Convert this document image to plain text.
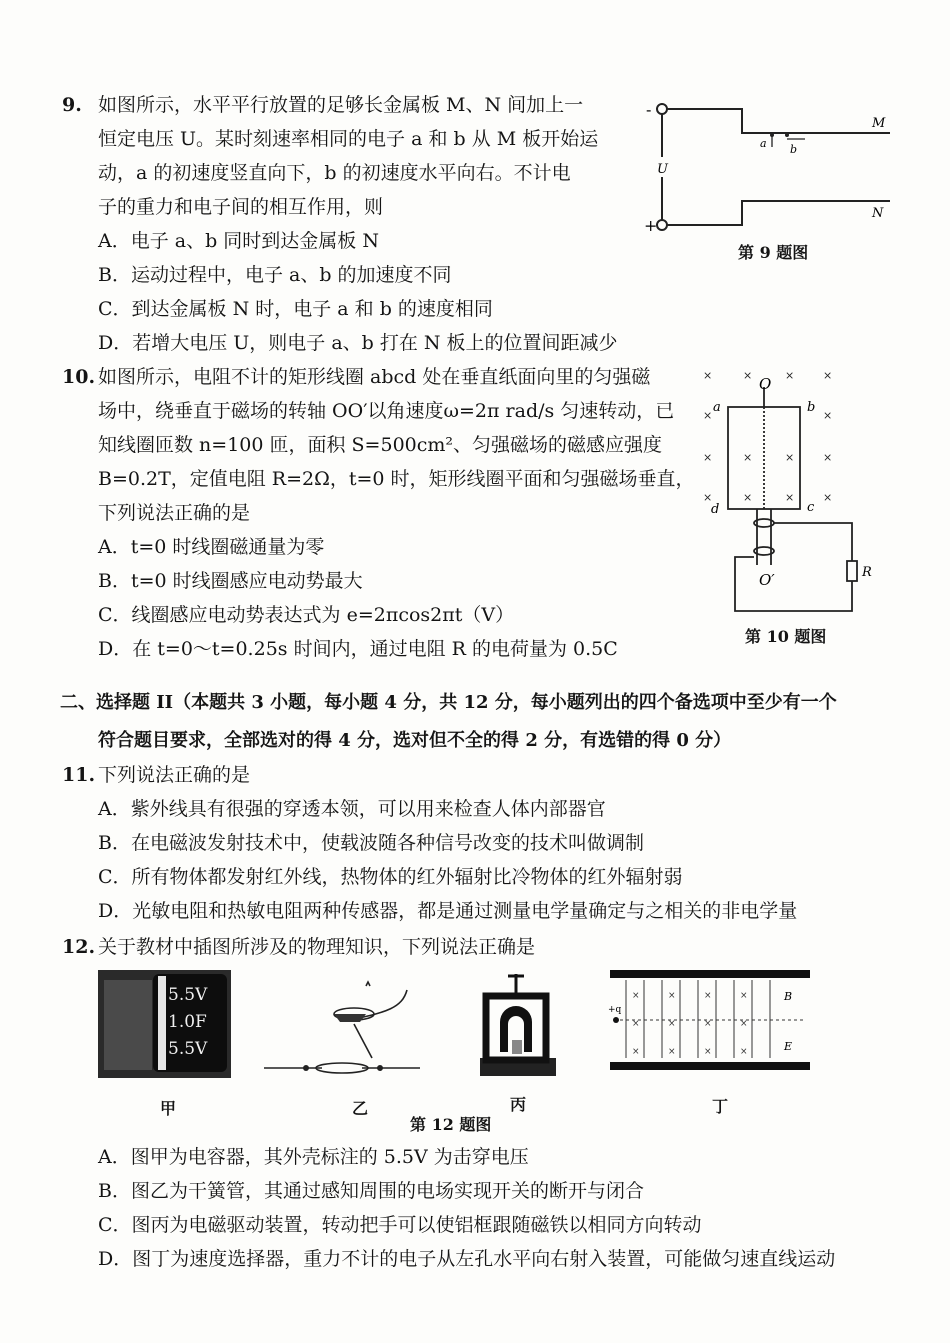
9. 如图所示，水平平行放置的足够长金属板 M、N 间加上一
恒定电压 U。某时刻速率相同的电子 a 和 b 从 M 板开始运
动，a 的初速度竖直向下，b 的初速度水平向右。不计电
子的重力和电子间的相互作用，则
A．电子 a、b 同时到达金属板 N
B．运动过程中，电子 a、b 的加速度不同
C．到达金属板 N 时，电子 a 和 b 的速度相同
D．若增大电压 U，则电子 a、b 打在 N 板上的位置间距减少
-
+
U
M
N
a b
第 9 题图
10. 如图所示，电阻不计的矩形线圈 abcd 处在垂直纸面向里的匀强磁
场中，绕垂直于磁场的转轴 OO′以角速度ω=2π rad/s 匀速转动，已
知线圈匝数 n=100 匝，面积 S=500cm²、匀强磁场的磁感应强度
B=0.2T，定值电阻 R=2Ω，t=0 时，矩形线圈平面和匀强磁场垂直，
下列说法正确的是
A．t=0 时线圈磁通量为零
B．t=0 时线圈感应电动势最大
C．线圈感应电动势表达式为 e=2πcos2πt（V）
D．在 t=0～t=0.25s 时间内，通过电阻 R 的电荷量为 0.5C
×	×	×	×
×	×
×	×	×	×
×	×	×	×
O
O′
a	b
c
d
R
第 10 题图
二、选择题 II（本题共 3 小题，每小题 4 分，共 12 分，每小题列出的四个备选项中至少有一个
符合题目要求，全部选对的得 4 分，选对但不全的得 2 分，有选错的得 0 分）
11. 下列说法正确的是
A．紫外线具有很强的穿透本领，可以用来检查人体内部器官
B．在电磁波发射技术中，使载波随各种信号改变的技术叫做调制
C．所有物体都发射红外线，热物体的红外辐射比冷物体的红外辐射弱
D．光敏电阻和热敏电阻两种传感器，都是通过测量电学量确定与之相关的非电学量
12. 关于教材中插图所涉及的物理知识，下列说法正确是
5.5V
1.0F
5.5V
×	×	×	×
×	×	×	×
×	×	×	×
+q
B
E
甲	乙	丙	丁
第 12 题图
A．图甲为电容器，其外壳标注的 5.5V 为击穿电压
B．图乙为干簧管，其通过感知周围的电场实现开关的断开与闭合
C．图丙为电磁驱动装置，转动把手可以使铝框跟随磁铁以相同方向转动
D．图丁为速度选择器，重力不计的电子从左孔水平向右射入装置，可能做匀速直线运动
